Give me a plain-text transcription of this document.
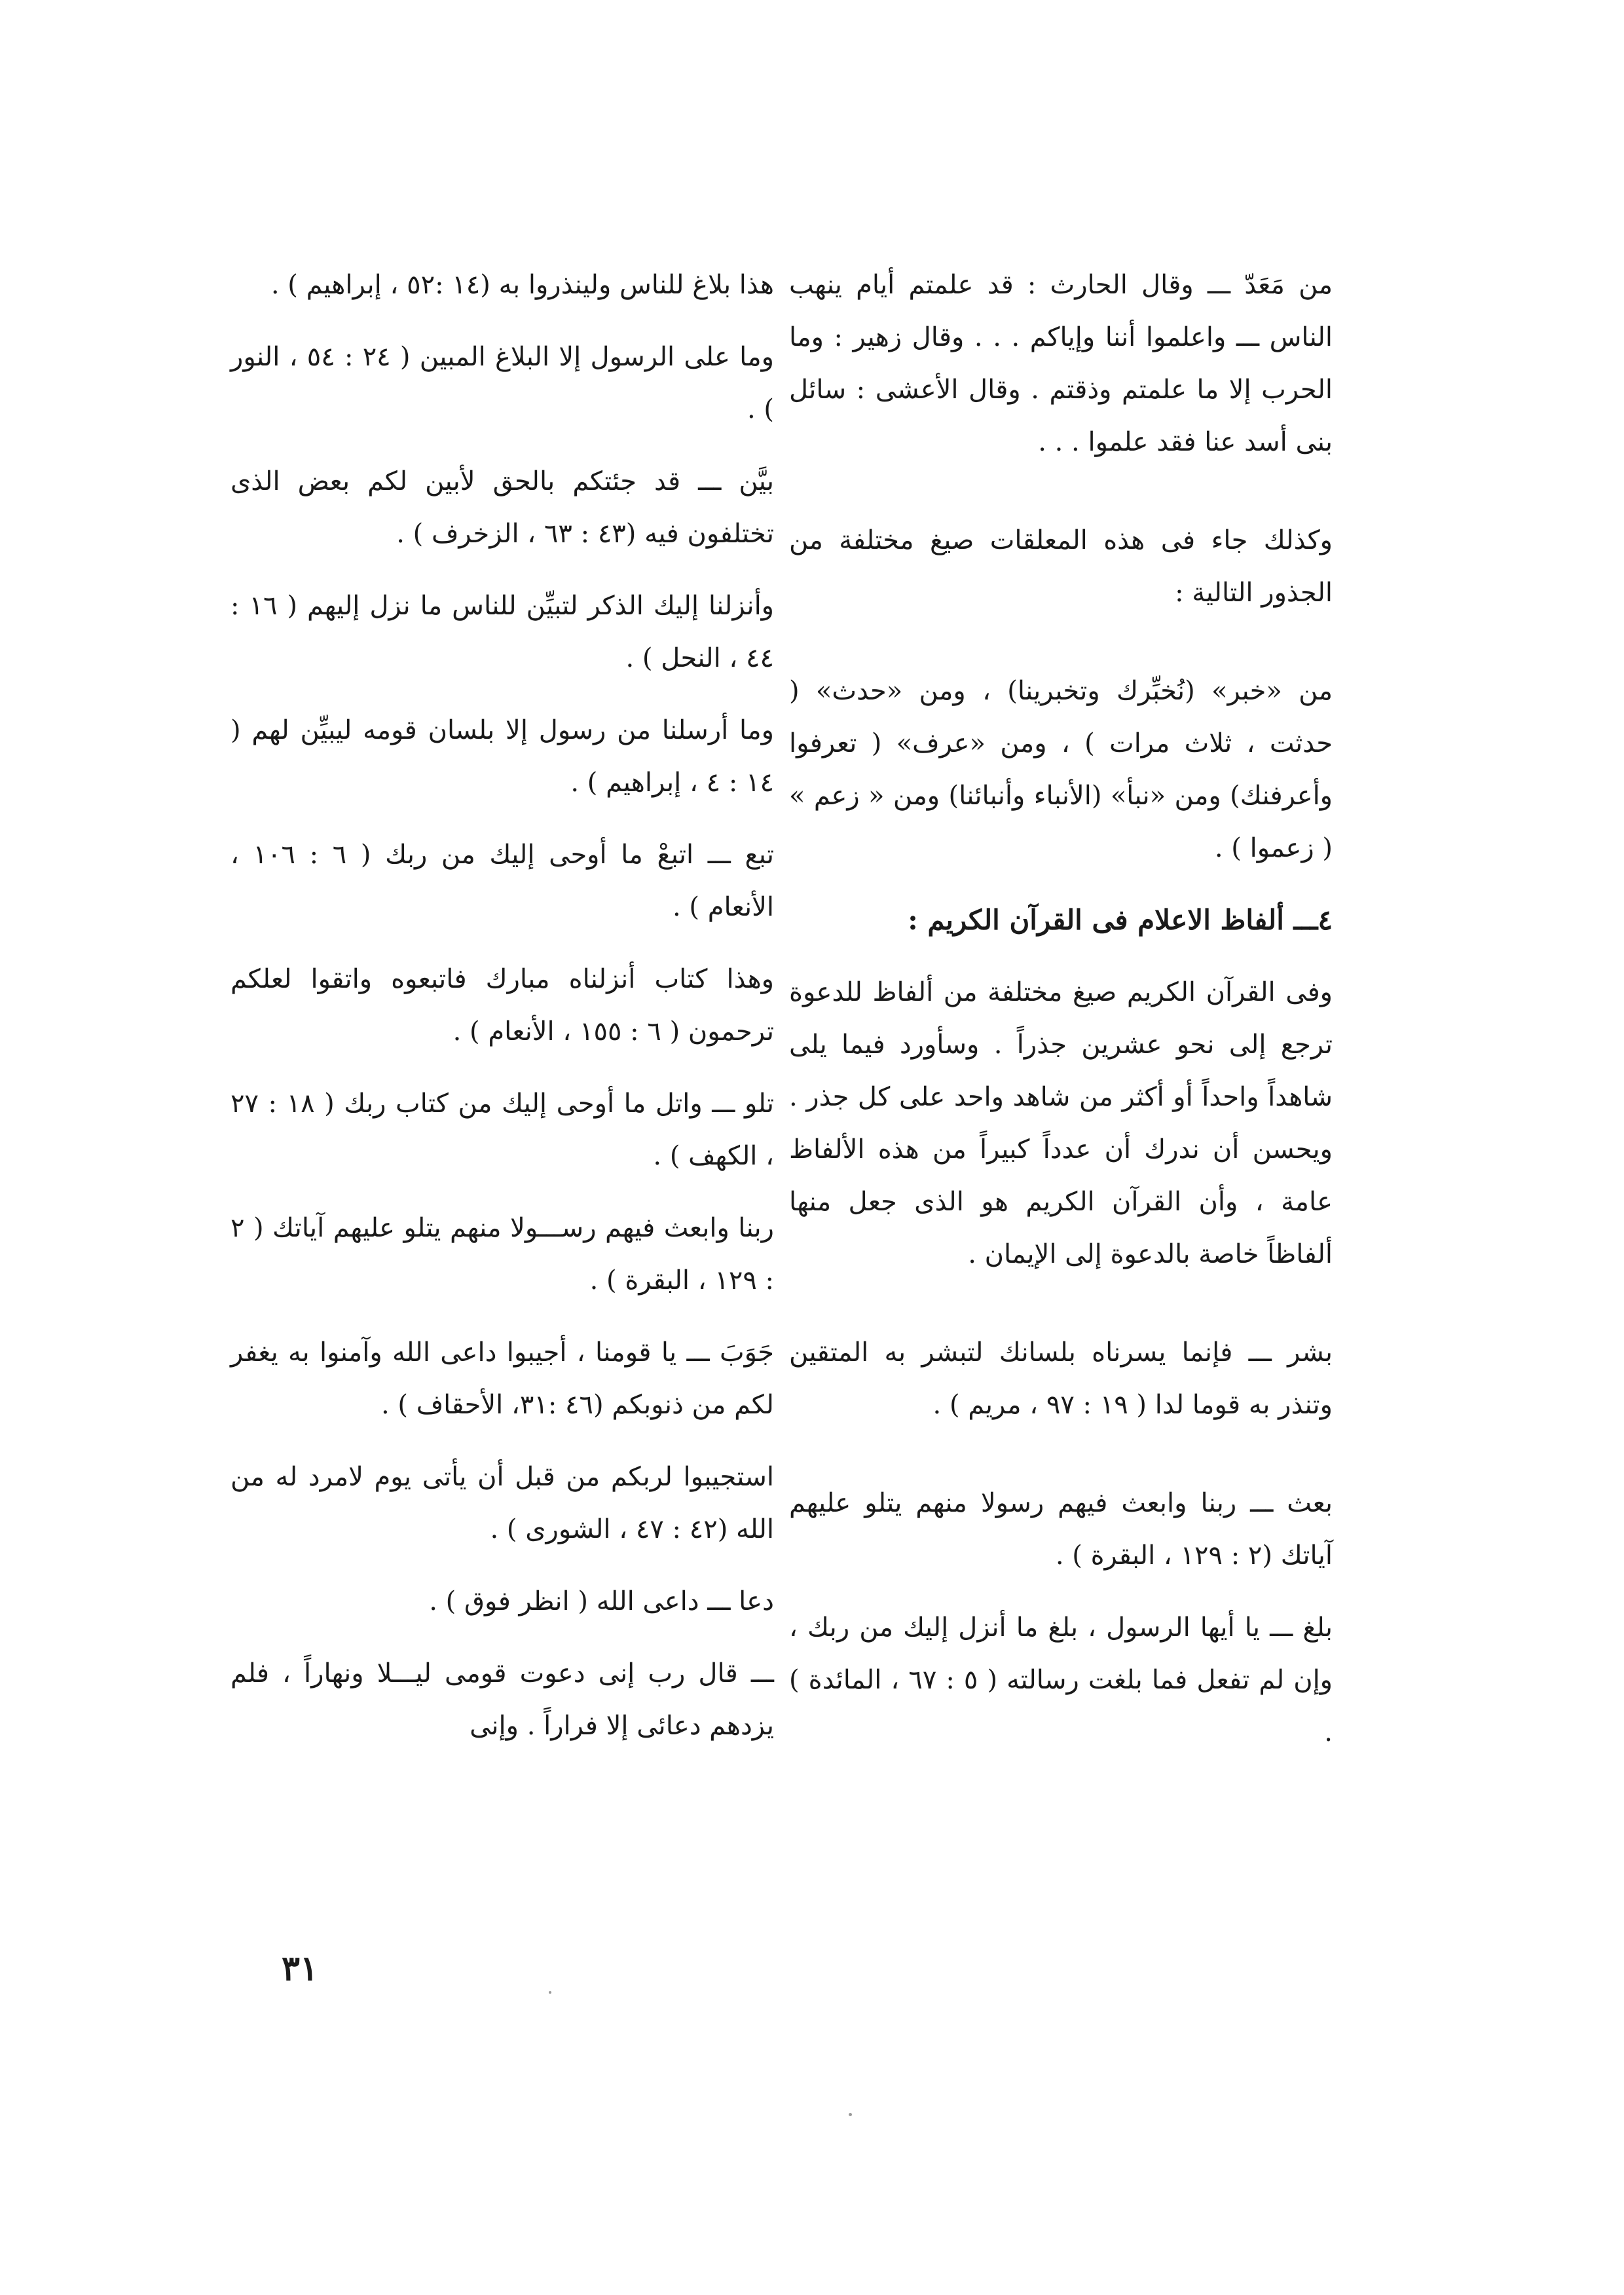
من مَعَدّ ـــ وقال الحارث : قد علمتم أيام ينهب الناس ـــ واعلموا أننا وإياكم . . . وقال زهير : وما الحرب إلا ما علمتم وذقتم . وقال الأعشى : سائل بنى أسد عنا فقد علموا . . .

وكذلك جاء فى هذه المعلقات صيغ مختلفة من الجذور التالية :

من «خبر» (نُخبِّرك وتخبرينا) ، ومن «حدث» ( حدثت ، ثلاث مرات ) ، ومن «عرف» ( تعرفوا وأعرفنك) ومن «نبأ» (الأنباء وأنبائنا) ومن « زعم » ( زعموا ) .

٤ـــ ألفاظ الاعلام فى القرآن الكريم :

وفى القرآن الكريم صيغ مختلفة من ألفاظ للدعوة ترجع إلى نحو عشرين جذراً . وسأورد فيما يلى شاهداً واحداً أو أكثر من شاهد واحد على كل جذر . ويحسن أن ندرك أن عدداً كبيراً من هذه الألفاظ عامة ، وأن القرآن الكريم هو الذى جعل منها ألفاظاً خاصة بالدعوة إلى الإيمان .

بشر ـــ فإنما يسرناه بلسانك لتبشر به المتقين وتنذر به قوما لدا ( ١٩ : ٩٧ ، مريم ) .

بعث ـــ ربنا وابعث فيهم رسولا منهم يتلو عليهم آياتك (٢ : ١٢٩ ، البقرة ) .

بلغ ـــ يا أيها الرسول ، بلغ ما أنزل إليك من ربك ، وإن لم تفعل فما بلغت رسالته ( ٥ : ٦٧ ، المائدة ) .

هذا بلاغ للناس ولينذروا به (١٤ :٥٢ ، إبراهيم ) .

وما على الرسول إلا البلاغ المبين ( ٢٤ : ٥٤ ، النور ) .

بيَّن ـــ قد جئتكم بالحق لأبين لكم بعض الذى تختلفون فيه (٤٣ : ٦٣ ، الزخرف ) .

وأنزلنا إليك الذكر لتبيِّن للناس ما نزل إليهم ( ١٦ : ٤٤ ، النحل ) .

وما أرسلنا من رسول إلا بلسان قومه ليبيِّن لهم ( ١٤ : ٤ ، إبراهيم ) .

تبع ـــ اتبعْ ما أوحى إليك من ربك ( ٦ : ١٠٦ ، الأنعام ) .

وهذا كتاب أنزلناه مبارك فاتبعوه واتقوا لعلكم ترحمون ( ٦ : ١٥٥ ، الأنعام ) .

تلو ـــ واتل ما أوحى إليك من كتاب ربك ( ١٨ : ٢٧ ، الكهف ) .

ربنا وابعث فيهم رســـولا منهم يتلو عليهم آياتك ( ٢ : ١٢٩ ، البقرة ) .

جَوَبَ ـــ يا قومنا ، أجيبوا داعى الله وآمنوا به يغفر لكم من ذنوبكم (٤٦ :٣١، الأحقاف ) .

استجيبوا لربكم من قبل أن يأتى يوم لامرد له من الله (٤٢ : ٤٧ ، الشورى ) .

دعا ـــ داعى الله ( انظر فوق ) .

ـــ قال رب إنى دعوت قومى ليـــلا ونهاراً ، فلم يزدهم دعائى إلا فراراً . وإنى

٣١
